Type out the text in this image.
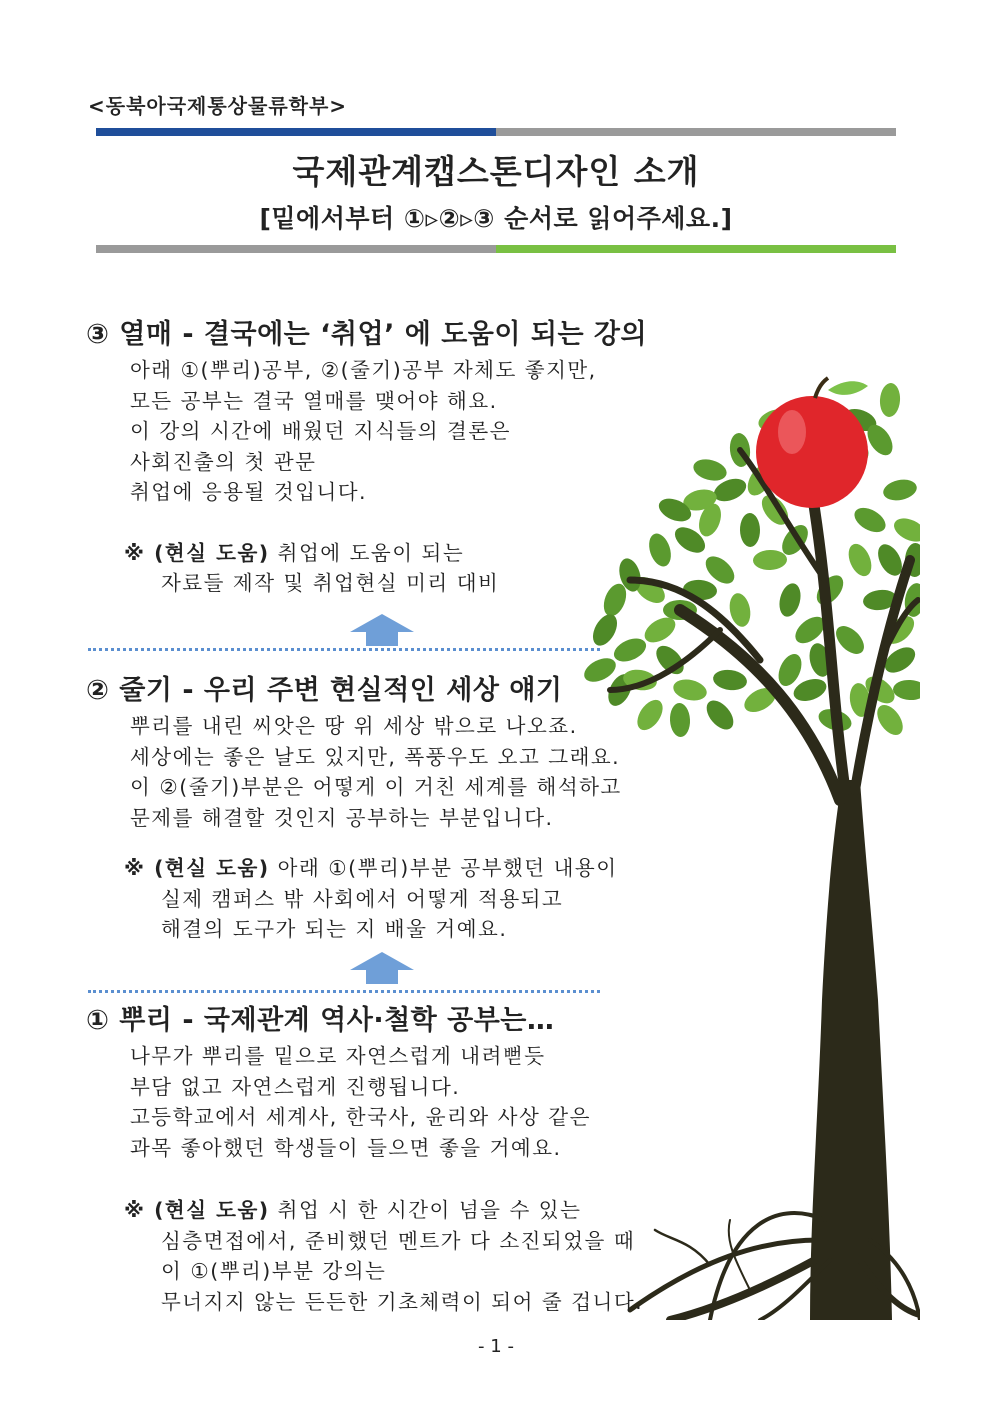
<동북아국제통상물류학부>
국제관계캡스톤디자인 소개
[밑에서부터 ①▹②▹③ 순서로 읽어주세요.]
③ 열매 - 결국에는 ‘취업’ 에 도움이 되는 강의

아래 ①(뿌리)공부, ②(줄기)공부 자체도 좋지만,

모든 공부는 결국 열매를 맺어야 해요.

이 강의 시간에 배웠던 지식들의 결론은

사회진출의 첫 관문

취업에 응용될 것입니다.

※ (현실 도움) 취업에 도움이 되는

자료들 제작 및 취업현실 미리 대비

② 줄기 - 우리 주변 현실적인 세상 얘기

뿌리를 내린 씨앗은 땅 위 세상 밖으로 나오죠.

세상에는 좋은 날도 있지만, 폭풍우도 오고 그래요.

이 ②(줄기)부분은 어떻게 이 거친 세계를 해석하고

문제를 해결할 것인지 공부하는 부분입니다.

※ (현실 도움) 아래 ①(뿌리)부분 공부했던 내용이

실제 캠퍼스 밖 사회에서 어떻게 적용되고

해결의 도구가 되는 지 배울 거예요.

① 뿌리 - 국제관계 역사·철학 공부는…

나무가 뿌리를 밑으로 자연스럽게 내려뻗듯

부담 없고 자연스럽게 진행됩니다.

고등학교에서 세계사, 한국사, 윤리와 사상 같은

과목 좋아했던 학생들이 들으면 좋을 거예요.

※ (현실 도움) 취업 시 한 시간이 넘을 수 있는

심층면접에서, 준비했던 멘트가 다 소진되었을 때

이 ①(뿌리)부분 강의는

무너지지 않는 든든한 기초체력이 되어 줄 겁니다.

- 1 -
